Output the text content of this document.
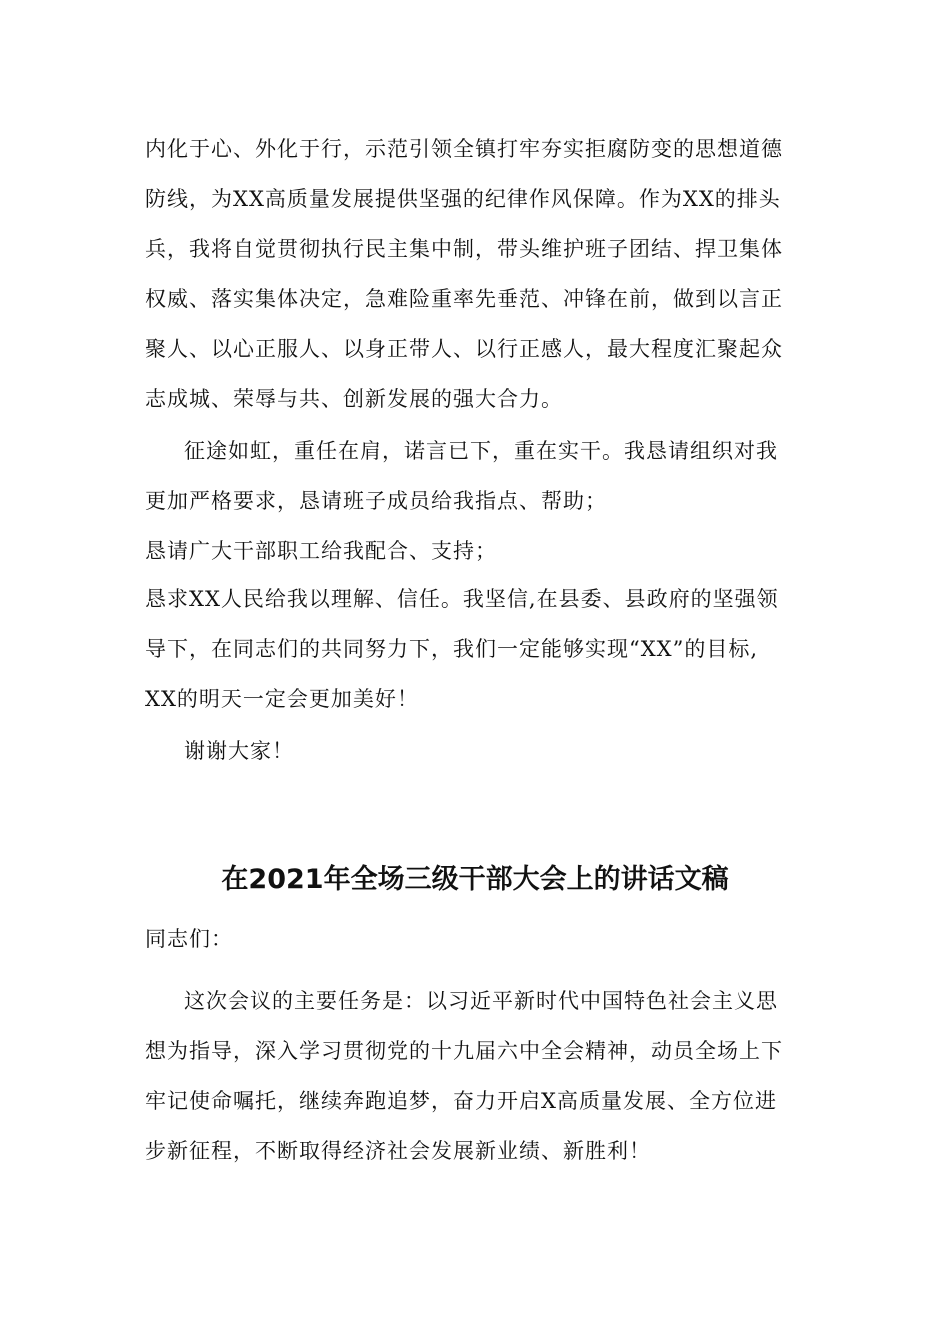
内化于心、外化于行，示范引领全镇打牢夯实拒腐防变的思想道德
防线，为XX高质量发展提供坚强的纪律作风保障。作为XX的排头
兵，我将自觉贯彻执行民主集中制，带头维护班子团结、捍卫集体
权威、落实集体决定，急难险重率先垂范、冲锋在前，做到以言正
聚人、以心正服人、以身正带人、以行正感人，最大程度汇聚起众
志成城、荣辱与共、创新发展的强大合力。
征途如虹，重任在肩，诺言已下，重在实干。我恳请组织对我
更加严格要求，恳请班子成员给我指点、帮助；
恳请广大干部职工给我配合、支持；
恳求XX人民给我以理解、信任。我坚信,在县委、县政府的坚强领
导下，在同志们的共同努力下，我们一定能够实现“XX”的目标,
XX的明天一定会更加美好！
谢谢大家！
在2021年全场三级干部大会上的讲话文稿
同志们：
这次会议的主要任务是：以习近平新时代中国特色社会主义思
想为指导，深入学习贯彻党的十九届六中全会精神，动员全场上下
牢记使命嘱托，继续奔跑追梦，奋力开启X高质量发展、全方位进
步新征程，不断取得经济社会发展新业绩、新胜利！
